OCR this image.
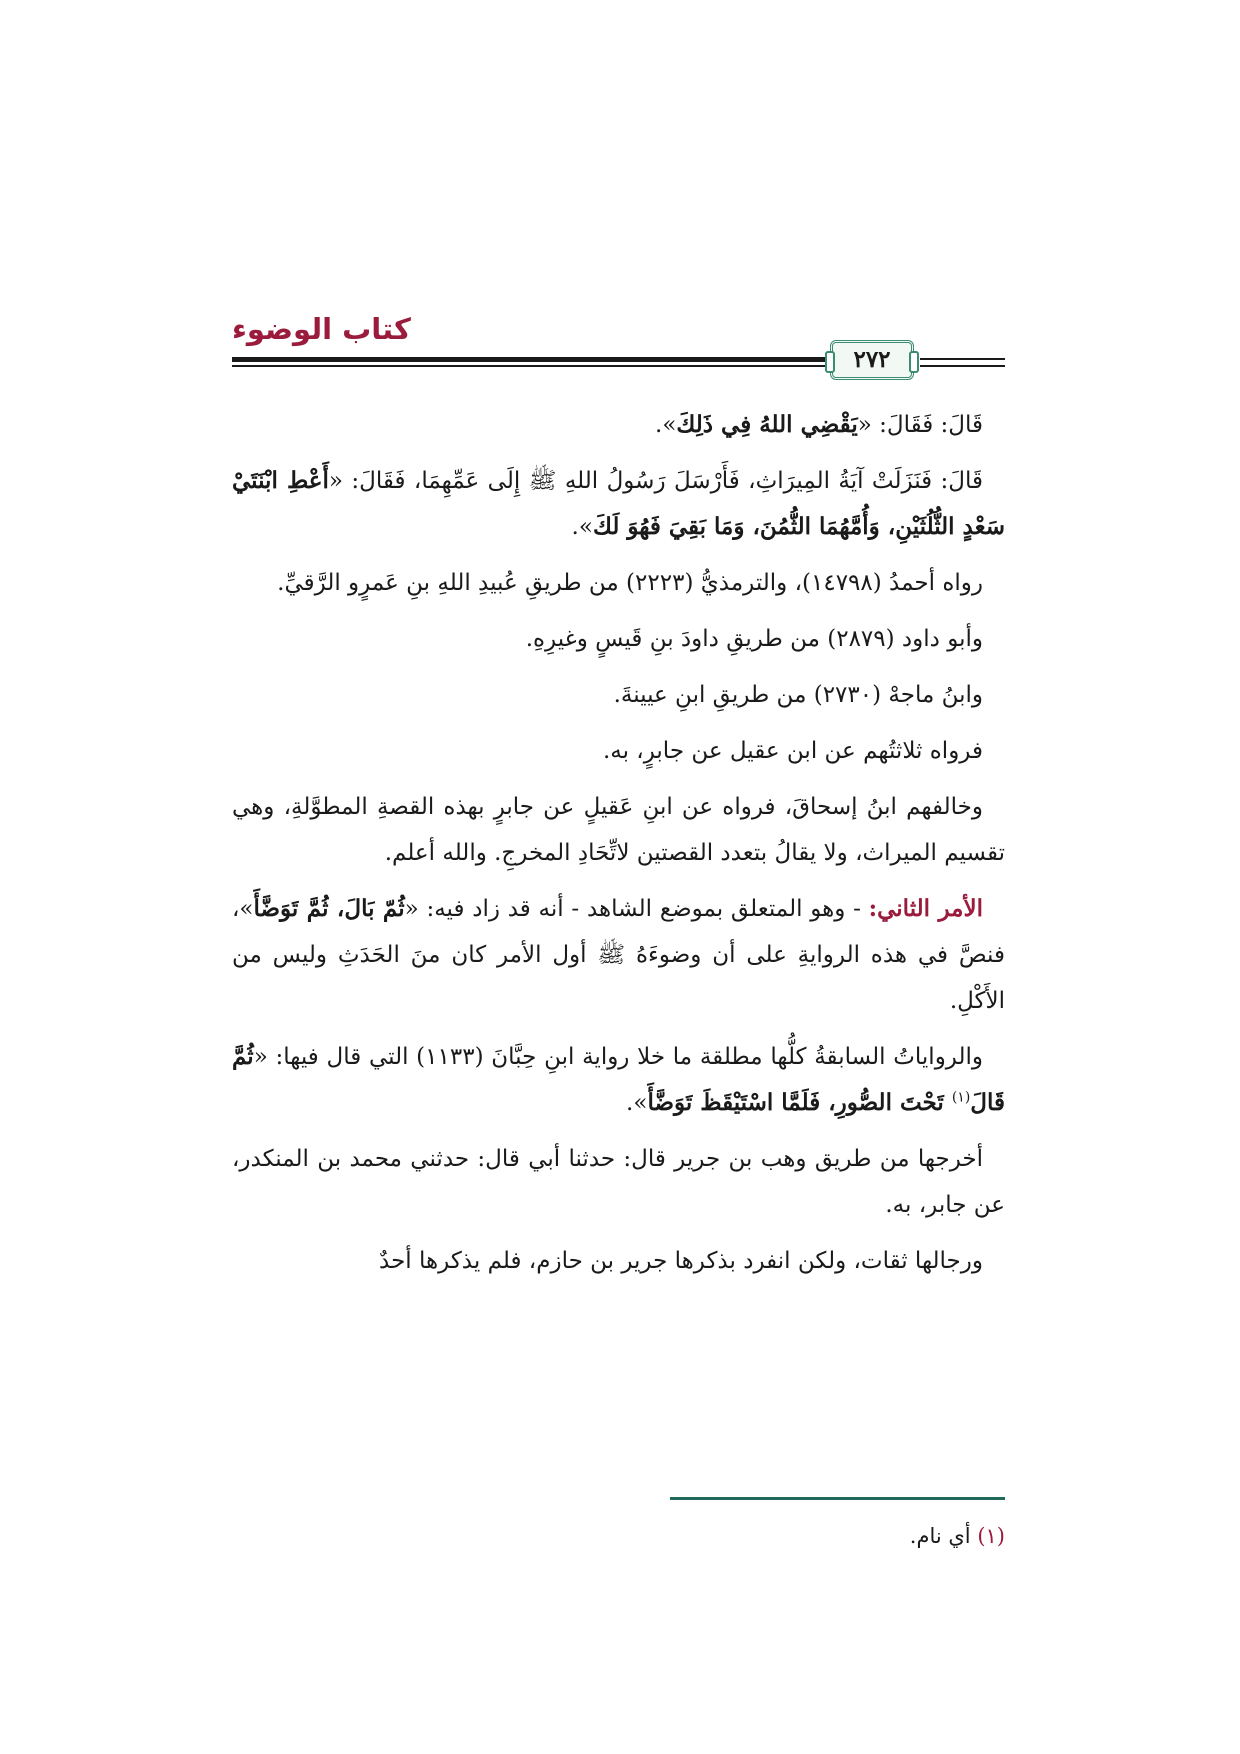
كتاب الوضوء
٢٧٢

قَالَ: فَقَالَ: «يَقْضِي اللهُ فِي ذَلِكَ».

قَالَ: فَنَزَلَتْ آيَةُ المِيرَاثِ، فَأَرْسَلَ رَسُولُ اللهِ ﷺ إِلَى عَمِّهِمَا، فَقَالَ: «أَعْطِ ابْنَتَيْ سَعْدٍ الثُّلُثَيْنِ، وَأُمَّهُمَا الثُّمُنَ، وَمَا بَقِيَ فَهُوَ لَكَ».

رواه أحمدُ (١٤٧٩٨)، والترمذيُّ (٢٢٢٣) من طريقِ عُبيدِ اللهِ بنِ عَمرٍو الرَّقيِّ.

وأبو داود (٢٨٧٩) من طريقِ داودَ بنِ قَيسٍ وغيرِهِ.

وابنُ ماجهْ (٢٧٣٠) من طريقِ ابنِ عيينةَ.

فرواه ثلاثتُهم عن ابن عقيل عن جابرٍ، به.

وخالفهم ابنُ إسحاقَ، فرواه عن ابنِ عَقيلٍ عن جابرٍ بهذه القصةِ المطوَّلةِ، وهي تقسيم الميراث، ولا يقالُ بتعدد القصتين لاتِّحَادِ المخرجِ. والله أعلم.

الأمر الثاني: - وهو المتعلق بموضع الشاهد - أنه قد زاد فيه: «ثُمّ بَالَ، ثُمَّ تَوَضَّأَ»، فنصَّ في هذه الروايةِ على أن وضوءَهُ ﷺ أول الأمر كان منَ الحَدَثِ وليس من الأَكْلِ.

والرواياتُ السابقةُ كلُّها مطلقة ما خلا رواية ابنِ حِبَّانَ (١١٣٣) التي قال فيها: «ثُمَّ قَالَ$^{(١)}$ تَحْتَ الصُّورِ، فَلَمَّا اسْتَيْقَظَ تَوَضَّأَ».

أخرجها من طريق وهب بن جرير قال: حدثنا أبي قال: حدثني محمد بن المنكدر، عن جابر، به.

ورجالها ثقات، ولكن انفرد بذكرها جرير بن حازم، فلم يذكرها أحدٌ

(١) أي نام.
